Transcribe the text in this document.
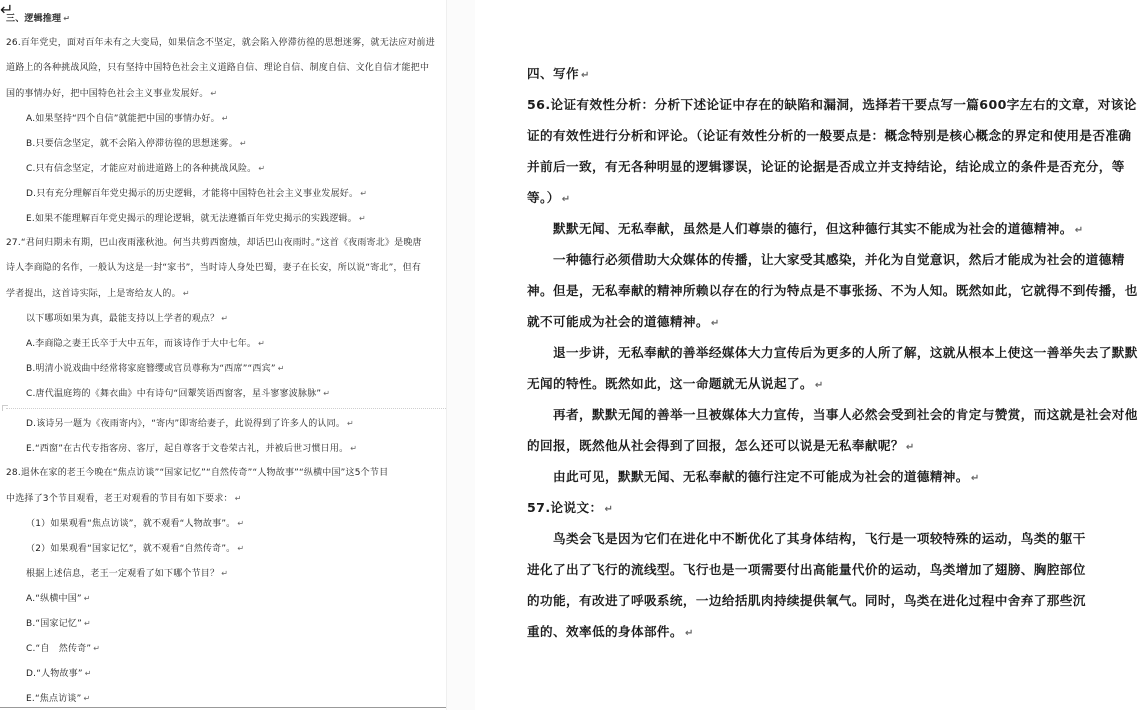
三、逻辑推理 ↵
26.百年党史，面对百年未有之大变局，如果信念不坚定，就会陷入停滞彷徨的思想迷雾，就无法应对前进
道路上的各种挑战风险，只有坚持中国特色社会主义道路自信、理论自信、制度自信、文化自信才能把中
国的事情办好，把中国特色社会主义事业发展好。 ↵
A.如果坚持“四个自信”就能把中国的事情办好。 ↵
B.只要信念坚定，就不会陷入停滞彷徨的思想迷雾。 ↵
C.只有信念坚定，才能应对前进道路上的各种挑战风险。 ↵
D.只有充分理解百年党史揭示的历史逻辑，才能将中国特色社会主义事业发展好。 ↵
E.如果不能理解百年党史揭示的理论逻辑，就无法遵循百年党史揭示的实践逻辑。 ↵
27.“君问归期未有期，巴山夜雨涨秋池。何当共剪西窗烛，却话巴山夜雨时。”这首《夜雨寄北》是晚唐
诗人李商隐的名作，一般认为这是一封“家书”，当时诗人身处巴蜀，妻子在长安，所以说“寄北”，但有
学者提出，这首诗实际，上是寄给友人的。 ↵
以下哪项如果为真，最能支持以上学者的观点？ ↵
A.李商隐之妻王氏卒于大中五年，而该诗作于大中七年。 ↵
B.明清小说戏曲中经常将家庭簪缨或官员尊称为“西席”“西宾” ↵
C.唐代温庭筠的《舞衣曲》中有诗句“回颦笑语西窗客，星斗寥寥波脉脉” ↵
D.该诗另一题为《夜雨寄内》，“寄内”即寄给妻子，此说得到了许多人的认同。 ↵
E.“西窗”在古代专指客房、客厅，起自尊客于文卷荣古礼，并被后世习惯日用。 ↵
28.退休在家的老王今晚在“焦点访谈”“国家记忆”“自然传奇”“人物故事”“纵横中国”这5个节目
中选择了3个节目观看，老王对观看的节目有如下要求： ↵
（1）如果观看“焦点访谈”，就不观看“人物故事”。 ↵
（2）如果观看“国家记忆”，就不观看“自然传奇”。 ↵
根据上述信息，老王一定观看了如下哪个节目？ ↵
A.“纵横中国” ↵
B.“国家记忆” ↵
C.“自　然传奇” ↵
D.“人物故事” ↵
E.“焦点访谈” ↵
↵
四、写作 ↵
56.论证有效性分析：分析下述论证中存在的缺陷和漏洞，选择若干要点写一篇600字左右的文章，对该论
证的有效性进行分析和评论。（论证有效性分析的一般要点是：概念特别是核心概念的界定和使用是否准确
并前后一致，有无各种明显的逻辑谬误，论证的论据是否成立并支持结论，结论成立的条件是否充分，等
等。） ↵
默默无闻、无私奉献，虽然是人们尊崇的德行，但这种德行其实不能成为社会的道德精神。 ↵
一种德行必须借助大众媒体的传播，让大家受其感染，并化为自觉意识，然后才能成为社会的道德精
神。但是，无私奉献的精神所赖以存在的行为特点是不事张扬、不为人知。既然如此，它就得不到传播，也
就不可能成为社会的道德精神。 ↵
退一步讲，无私奉献的善举经媒体大力宣传后为更多的人所了解，这就从根本上使这一善举失去了默默
无闻的特性。既然如此，这一命题就无从说起了。 ↵
再者，默默无闻的善举一旦被媒体大力宣传，当事人必然会受到社会的肯定与赞赏，而这就是社会对他
的回报，既然他从社会得到了回报，怎么还可以说是无私奉献呢？ ↵
由此可见，默默无闻、无私奉献的德行注定不可能成为社会的道德精神。 ↵
57.论说文： ↵
鸟类会飞是因为它们在进化中不断优化了其身体结构，飞行是一项较特殊的运动，鸟类的躯干
进化了出了飞行的流线型。飞行也是一项需要付出高能量代价的运动，鸟类增加了翅膀、胸腔部位
的功能，有改进了呼吸系统，一边给括肌肉持续提供氧气。同时，鸟类在进化过程中舍弃了那些沉
重的、效率低的身体部件。 ↵
